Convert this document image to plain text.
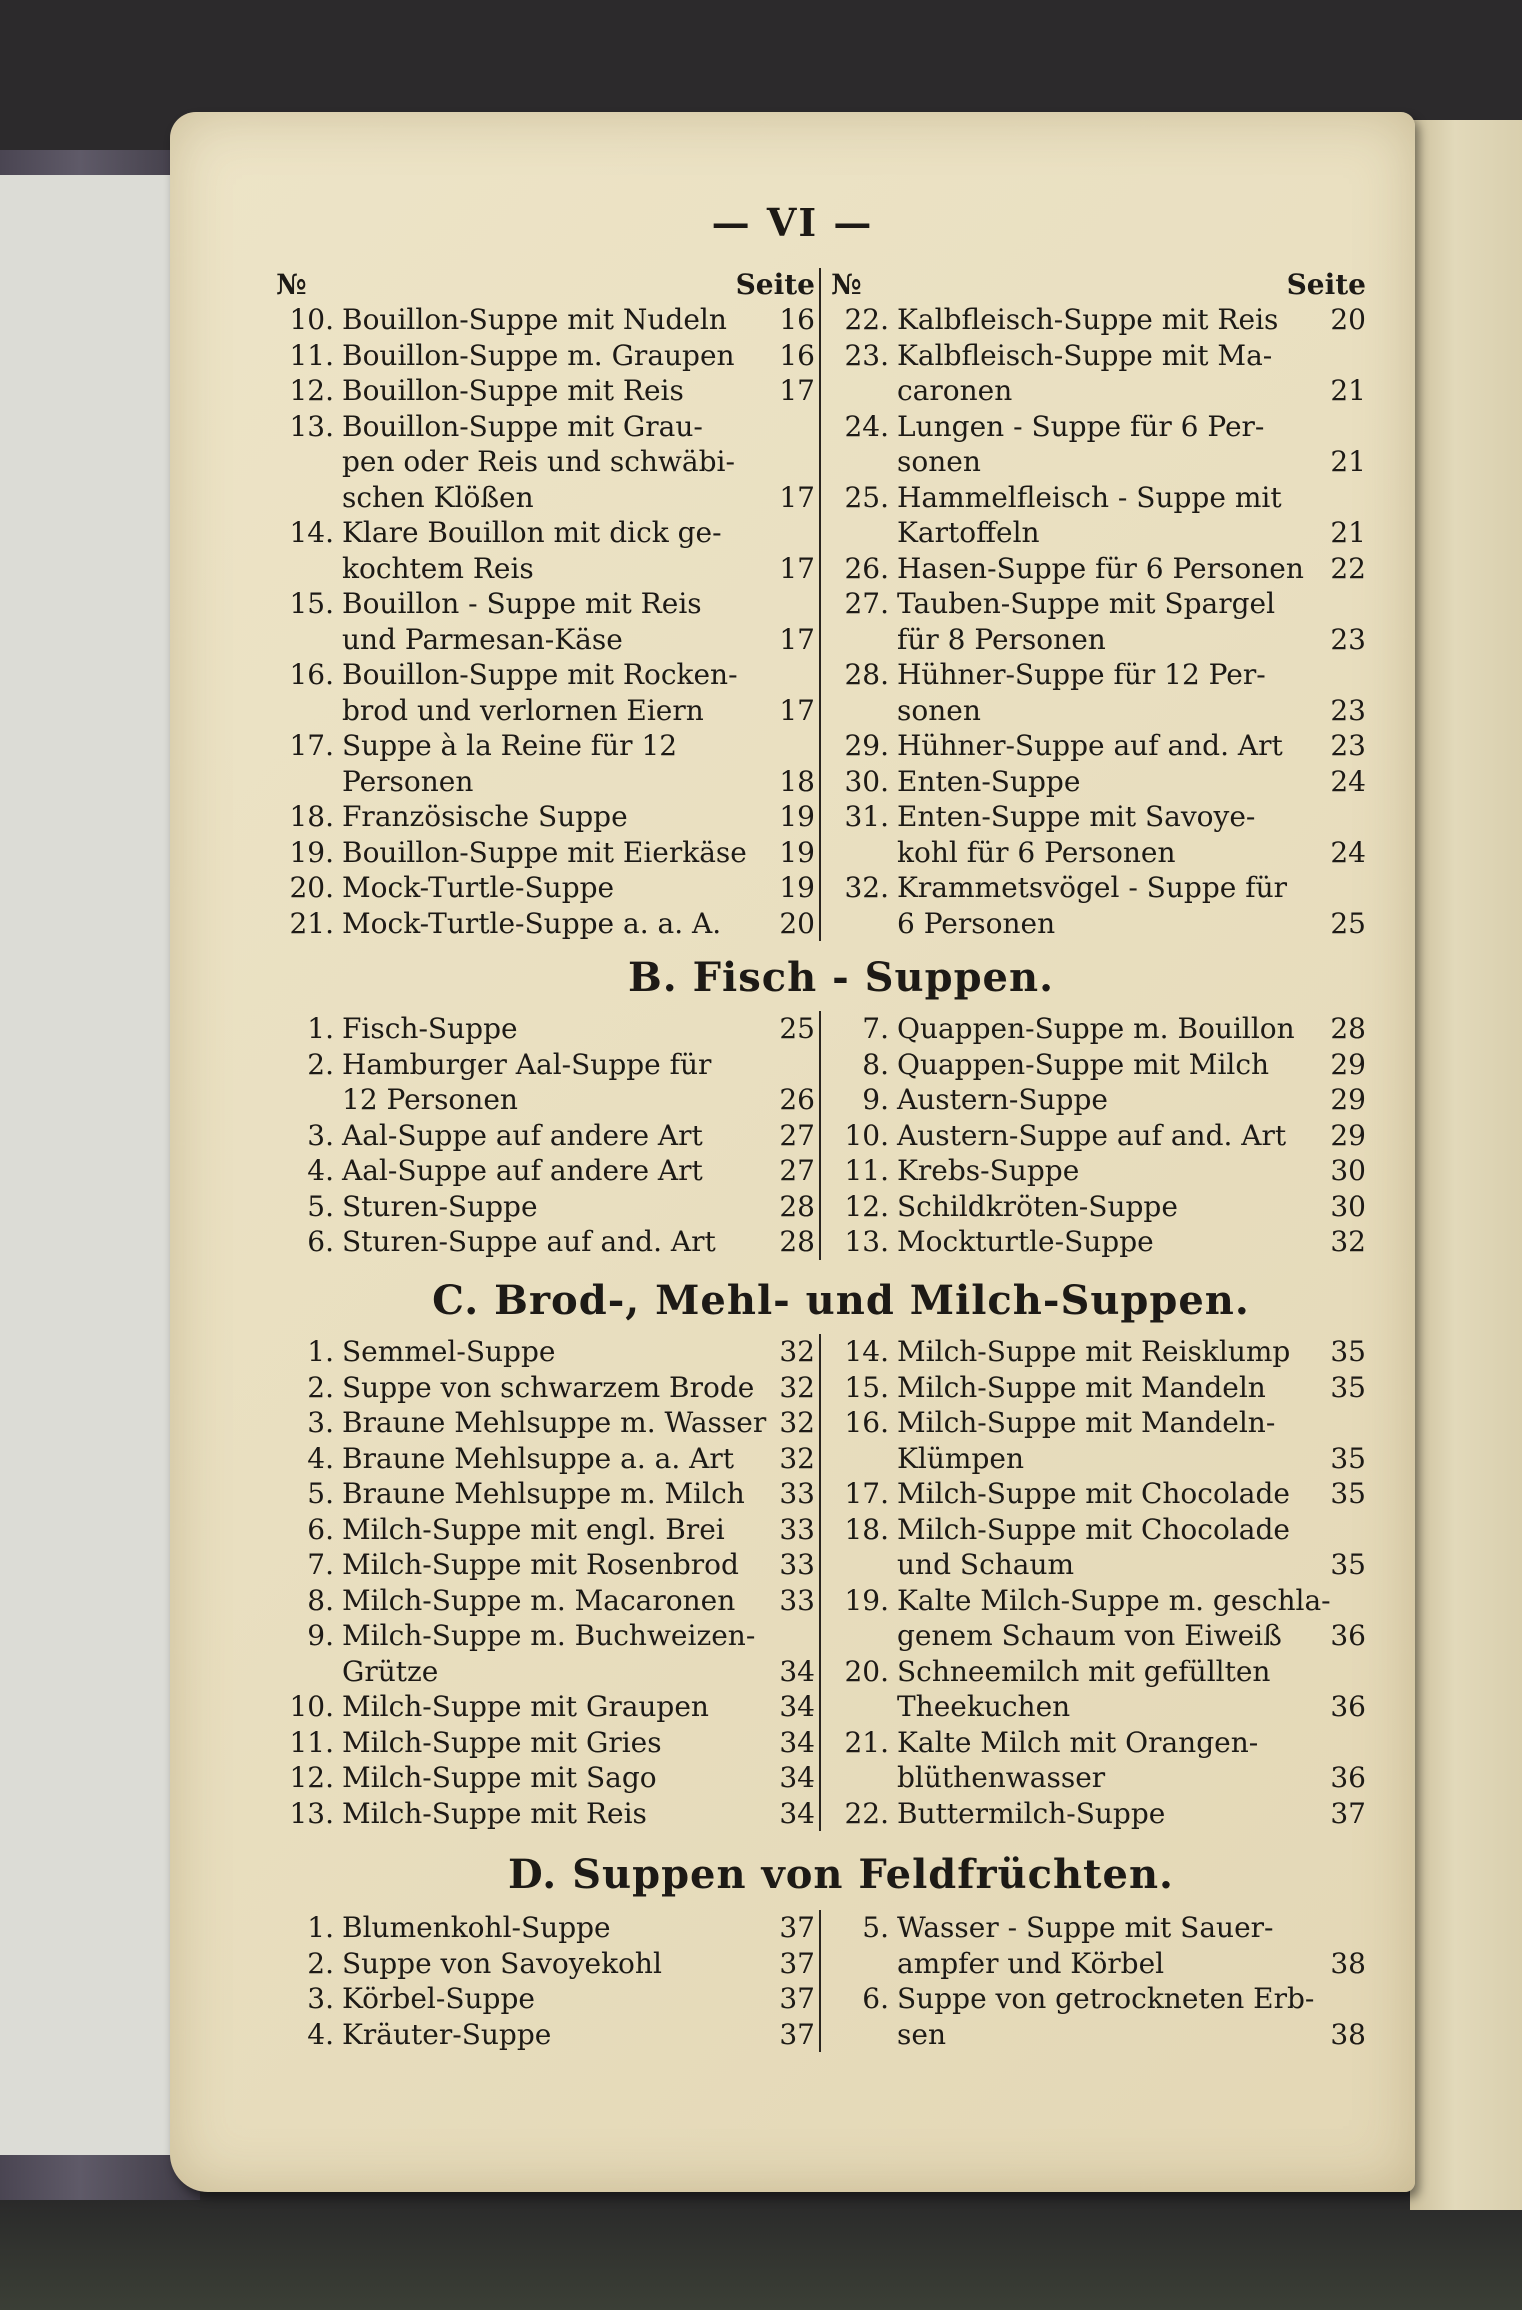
— VI —
№	Seite
10. Bouillon-Suppe mit Nudeln 16
11. Bouillon-Suppe m. Graupen 16
12. Bouillon-Suppe mit Reis	17
13. Bouillon-Suppe mit Grau-
pen oder Reis und schwäbi-
schen Klößen	17
14. Klare Bouillon mit dick ge-
kochtem Reis	17
15. Bouillon - Suppe mit Reis
und Parmesan-Käse	17
16. Bouillon-Suppe mit Rocken-
brod und verlornen Eiern	17
17. Suppe à la Reine für 12
Personen	18
18. Französische Suppe	19
19. Bouillon-Suppe mit Eierkäse 19
20. Mock-Turtle-Suppe	19
21. Mock-Turtle-Suppe a. a. A. 20
№	Seite
22. Kalbfleisch-Suppe mit Reis 20
23. Kalbfleisch-Suppe mit Ma-
caronen	21
24. Lungen - Suppe für 6 Per-
sonen	21
25. Hammelfleisch - Suppe mit
Kartoffeln	21
26. Hasen-Suppe für 6 Personen 22
27. Tauben-Suppe mit Spargel
für 8 Personen	23
28. Hühner-Suppe für 12 Per-
sonen	23
29. Hühner-Suppe auf and. Art 23
30. Enten-Suppe	24
31. Enten-Suppe mit Savoye-
kohl für 6 Personen	24
32. Krammetsvögel - Suppe für
6 Personen	25
B. Fisch - Suppen.
1. Fisch-Suppe	25
2. Hamburger Aal-Suppe für
12 Personen	26
3. Aal-Suppe auf andere Art	27
4. Aal-Suppe auf andere Art	27
5. Sturen-Suppe	28
6. Sturen-Suppe auf and. Art 28
7. Quappen-Suppe m. Bouillon 28
8. Quappen-Suppe mit Milch 29
9. Austern-Suppe	29
10. Austern-Suppe auf and. Art 29
11. Krebs-Suppe	30
12. Schildkröten-Suppe	30
13. Mockturtle-Suppe	32
C. Brod-, Mehl- und Milch-Suppen.
1. Semmel-Suppe	32
2. Suppe von schwarzem Brode 32
3. Braune Mehlsuppe m. Wasser 32
4. Braune Mehlsuppe a. a. Art 32
5. Braune Mehlsuppe m. Milch 33
6. Milch-Suppe mit engl. Brei 33
7. Milch-Suppe mit Rosenbrod 33
8. Milch-Suppe m. Macaronen 33
9. Milch-Suppe m. Buchweizen-
Grütze	34
10. Milch-Suppe mit Graupen	34
11. Milch-Suppe mit Gries	34
12. Milch-Suppe mit Sago	34
13. Milch-Suppe mit Reis	34
14. Milch-Suppe mit Reisklump 35
15. Milch-Suppe mit Mandeln 35
16. Milch-Suppe mit Mandeln-
Klümpen	35
17. Milch-Suppe mit Chocolade 35
18. Milch-Suppe mit Chocolade
und Schaum	35
19. Kalte Milch-Suppe m. geschla-
genem Schaum von Eiweiß 36
20. Schneemilch mit gefüllten
Theekuchen	36
21. Kalte Milch mit Orangen-
blüthenwasser	36
22. Buttermilch-Suppe	37
D. Suppen von Feldfrüchten.
1. Blumenkohl-Suppe	37
2. Suppe von Savoyekohl	37
3. Körbel-Suppe	37
4. Kräuter-Suppe	37
5. Wasser - Suppe mit Sauer-
ampfer und Körbel	38
6. Suppe von getrockneten Erb-
sen	38
